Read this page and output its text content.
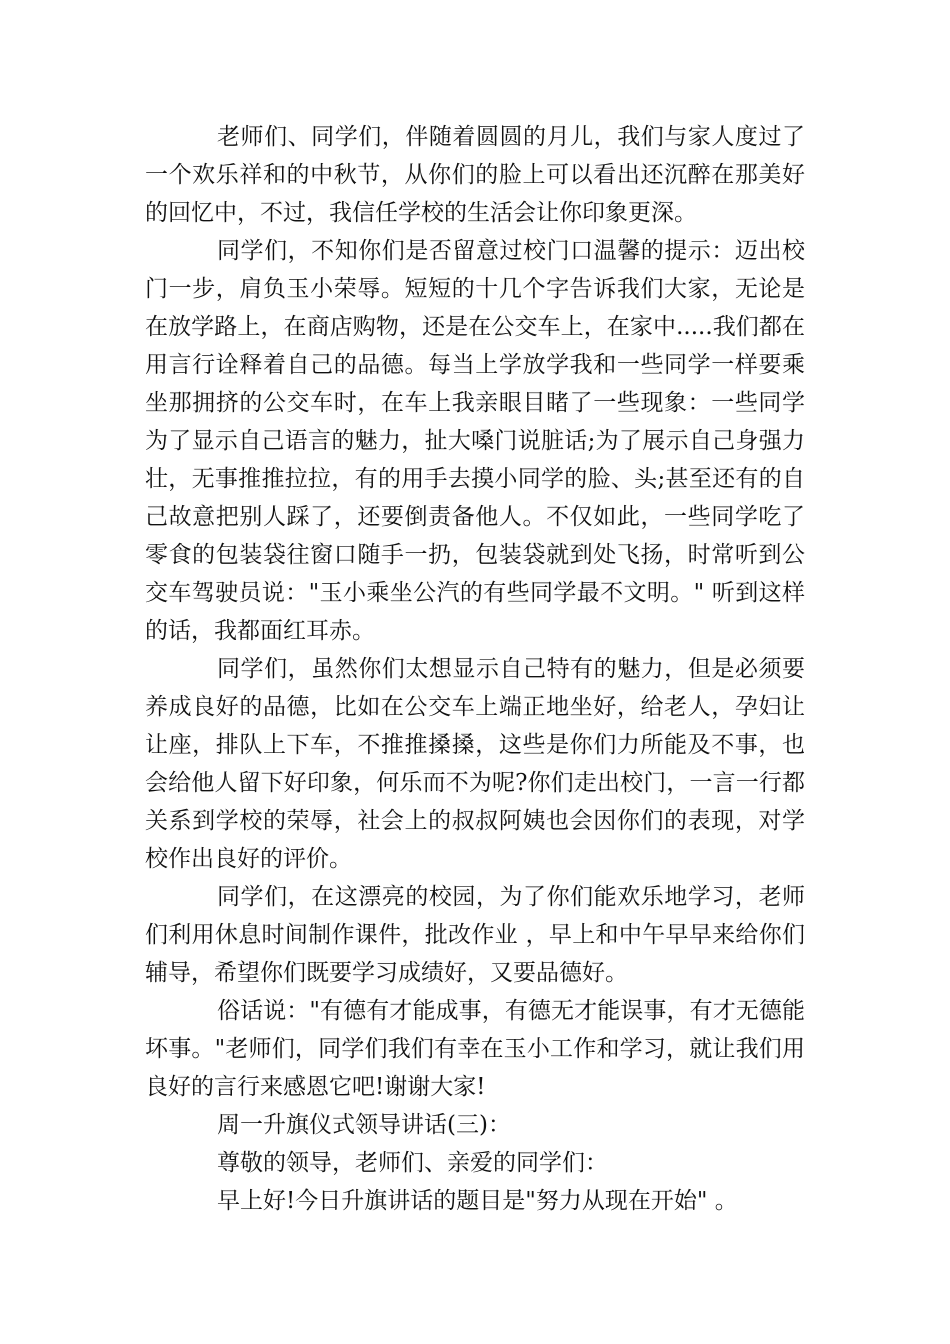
老师们、同学们，伴随着圆圆的月儿，我们与家人度过了一个欢乐祥和的中秋节，从你们的脸上可以看出还沉醉在那美好的回忆中，不过，我信任学校的生活会让你印象更深。

同学们，不知你们是否留意过校门口温馨的提示：迈出校门一步，肩负玉小荣辱。短短的十几个字告诉我们大家，无论是在放学路上，在商店购物，还是在公交车上，在家中.....我们都在用言行诠释着自己的品德。每当上学放学我和一些同学一样要乘坐那拥挤的公交车时，在车上我亲眼目睹了一些现象：一些同学为了显示自己语言的魅力，扯大嗓门说脏话;为了展示自己身强力壮，无事推推拉拉，有的用手去摸小同学的脸、头;甚至还有的自己故意把别人踩了，还要倒责备他人。不仅如此，一些同学吃了零食的包装袋往窗口随手一扔，包装袋就到处飞扬，时常听到公交车驾驶员说："玉小乘坐公汽的有些同学最不文明。" 听到这样的话，我都面红耳赤。

同学们，虽然你们太想显示自己特有的魅力，但是必须要养成良好的品德，比如在公交车上端正地坐好，给老人，孕妇让让座，排队上下车，不推推搡搡，这些是你们力所能及不事，也会给他人留下好印象，何乐而不为呢?你们走出校门，一言一行都关系到学校的荣辱，社会上的叔叔阿姨也会因你们的表现，对学校作出良好的评价。

同学们，在这漂亮的校园，为了你们能欢乐地学习，老师们利用休息时间制作课件，批改作业 ，早上和中午早早来给你们辅导，希望你们既要学习成绩好，又要品德好。

俗话说："有德有才能成事，有德无才能误事，有才无德能坏事。"老师们，同学们我们有幸在玉小工作和学习，就让我们用良好的言行来感恩它吧!谢谢大家!

周一升旗仪式领导讲话(三)：

尊敬的领导，老师们、亲爱的同学们：

早上好!今日升旗讲话的题目是"努力从现在开始" 。
